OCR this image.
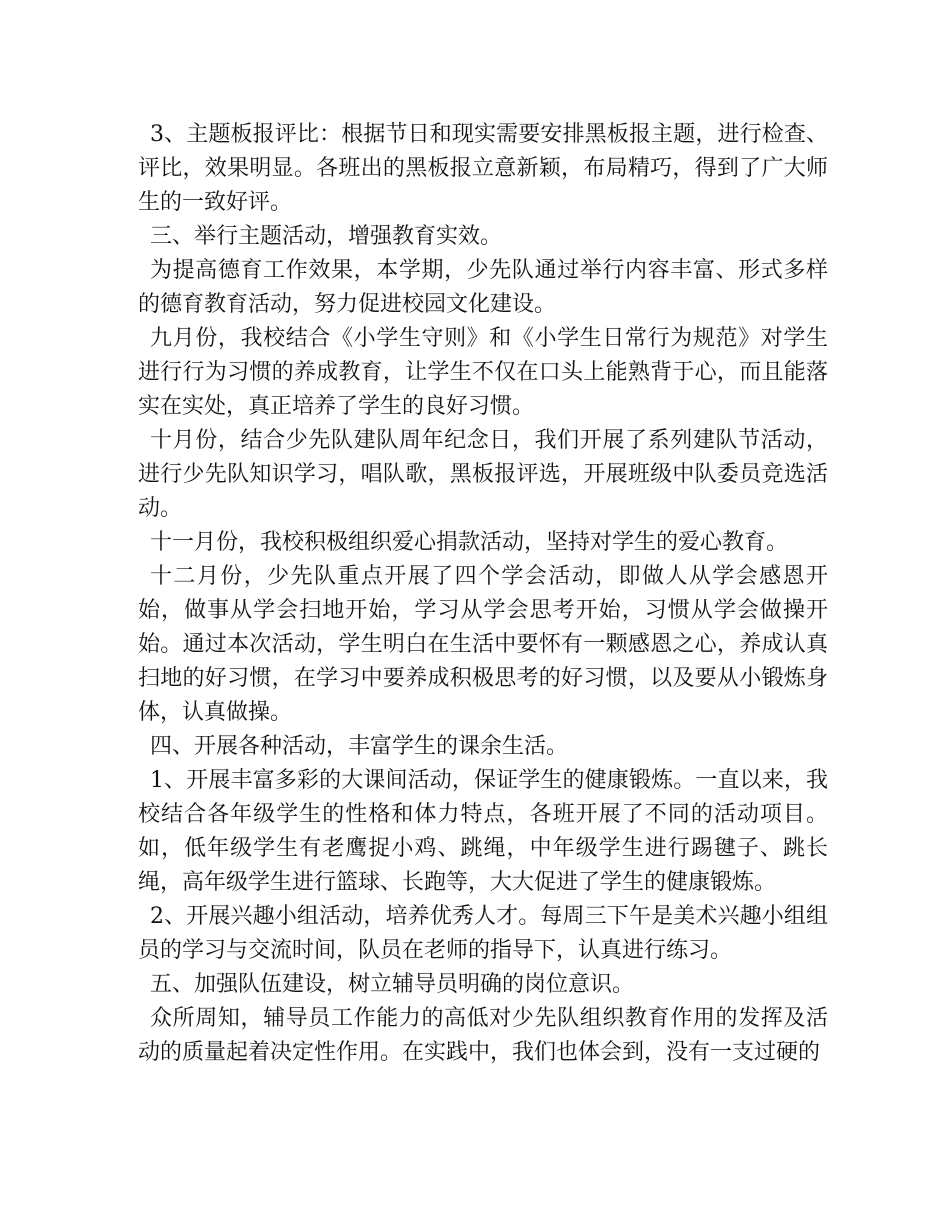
3、主题板报评比：根据节日和现实需要安排黑板报主题，进行检查、评比，效果明显。各班出的黑板报立意新颖，布局精巧，得到了广大师生的一致好评。

三、举行主题活动，增强教育实效。

为提高德育工作效果，本学期，少先队通过举行内容丰富、形式多样的德育教育活动，努力促进校园文化建设。

九月份，我校结合《小学生守则》和《小学生日常行为规范》对学生进行行为习惯的养成教育，让学生不仅在口头上能熟背于心，而且能落实在实处，真正培养了学生的良好习惯。

十月份，结合少先队建队周年纪念日，我们开展了系列建队节活动，进行少先队知识学习，唱队歌，黑板报评选，开展班级中队委员竞选活动。

十一月份，我校积极组织爱心捐款活动，坚持对学生的爱心教育。

十二月份，少先队重点开展了四个学会活动，即做人从学会感恩开始，做事从学会扫地开始，学习从学会思考开始，习惯从学会做操开始。通过本次活动，学生明白在生活中要怀有一颗感恩之心，养成认真扫地的好习惯，在学习中要养成积极思考的好习惯，以及要从小锻炼身体，认真做操。

四、开展各种活动，丰富学生的课余生活。

1、开展丰富多彩的大课间活动，保证学生的健康锻炼。一直以来，我校结合各年级学生的性格和体力特点，各班开展了不同的活动项目。如，低年级学生有老鹰捉小鸡、跳绳，中年级学生进行踢毽子、跳长绳，高年级学生进行篮球、长跑等，大大促进了学生的健康锻炼。

2、开展兴趣小组活动，培养优秀人才。每周三下午是美术兴趣小组组员的学习与交流时间，队员在老师的指导下，认真进行练习。

五、加强队伍建设，树立辅导员明确的岗位意识。

众所周知，辅导员工作能力的高低对少先队组织教育作用的发挥及活动的质量起着决定性作用。在实践中，我们也体会到，没有一支过硬的
